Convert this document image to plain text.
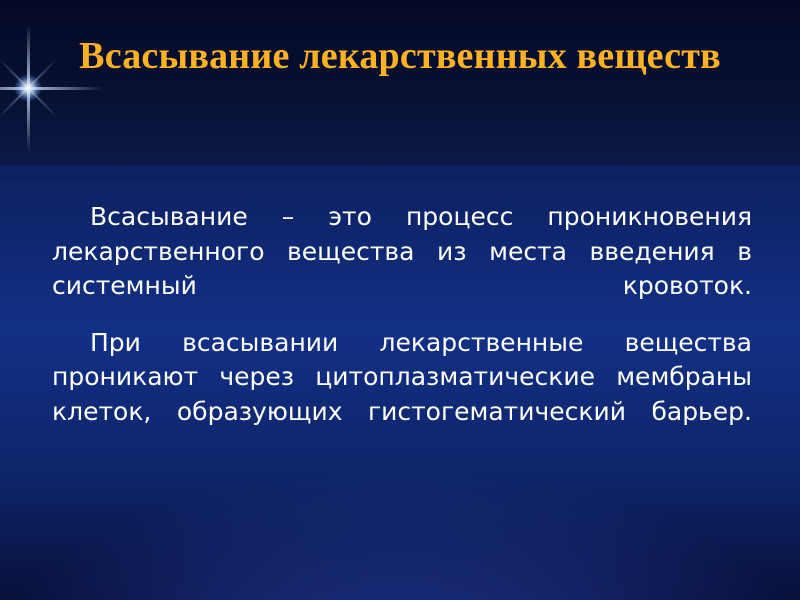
Всасывание лекарственных веществ

Всасывание – это процесс проникновения лекарственного вещества из места введения в системный кровоток.

При всасывании лекарственные вещества проникают через цитоплазматические мембраны клеток, образующих гистогематический барьер.
